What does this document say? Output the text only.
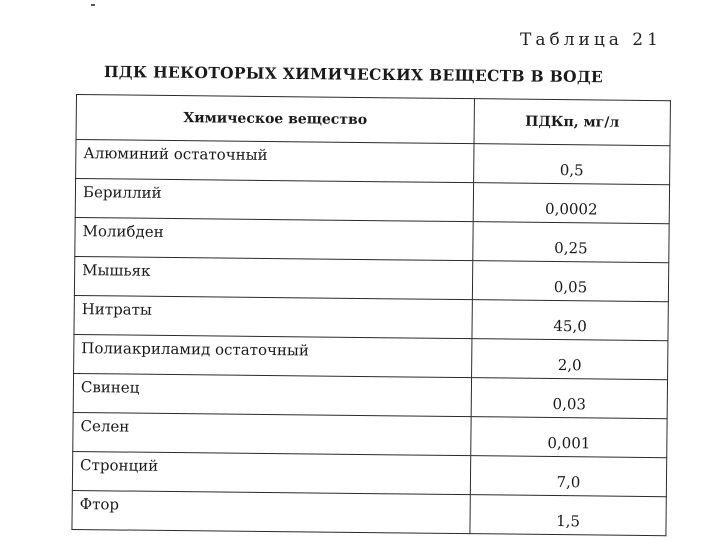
Таблица 21
ПДК НЕКОТОРЫХ ХИМИЧЕСКИХ ВЕЩЕСТВ В ВОДЕ
Химическое вещество	ПДКп, мг/л
Алюминий остаточный	0,5
Бериллий	0,0002
Молибден	0,25
Мышьяк	0,05
Нитраты	45,0
Полиакриламид остаточный	2,0
Свинец	0,03
Селен	0,001
Стронций	7,0
Фтор	1,5
